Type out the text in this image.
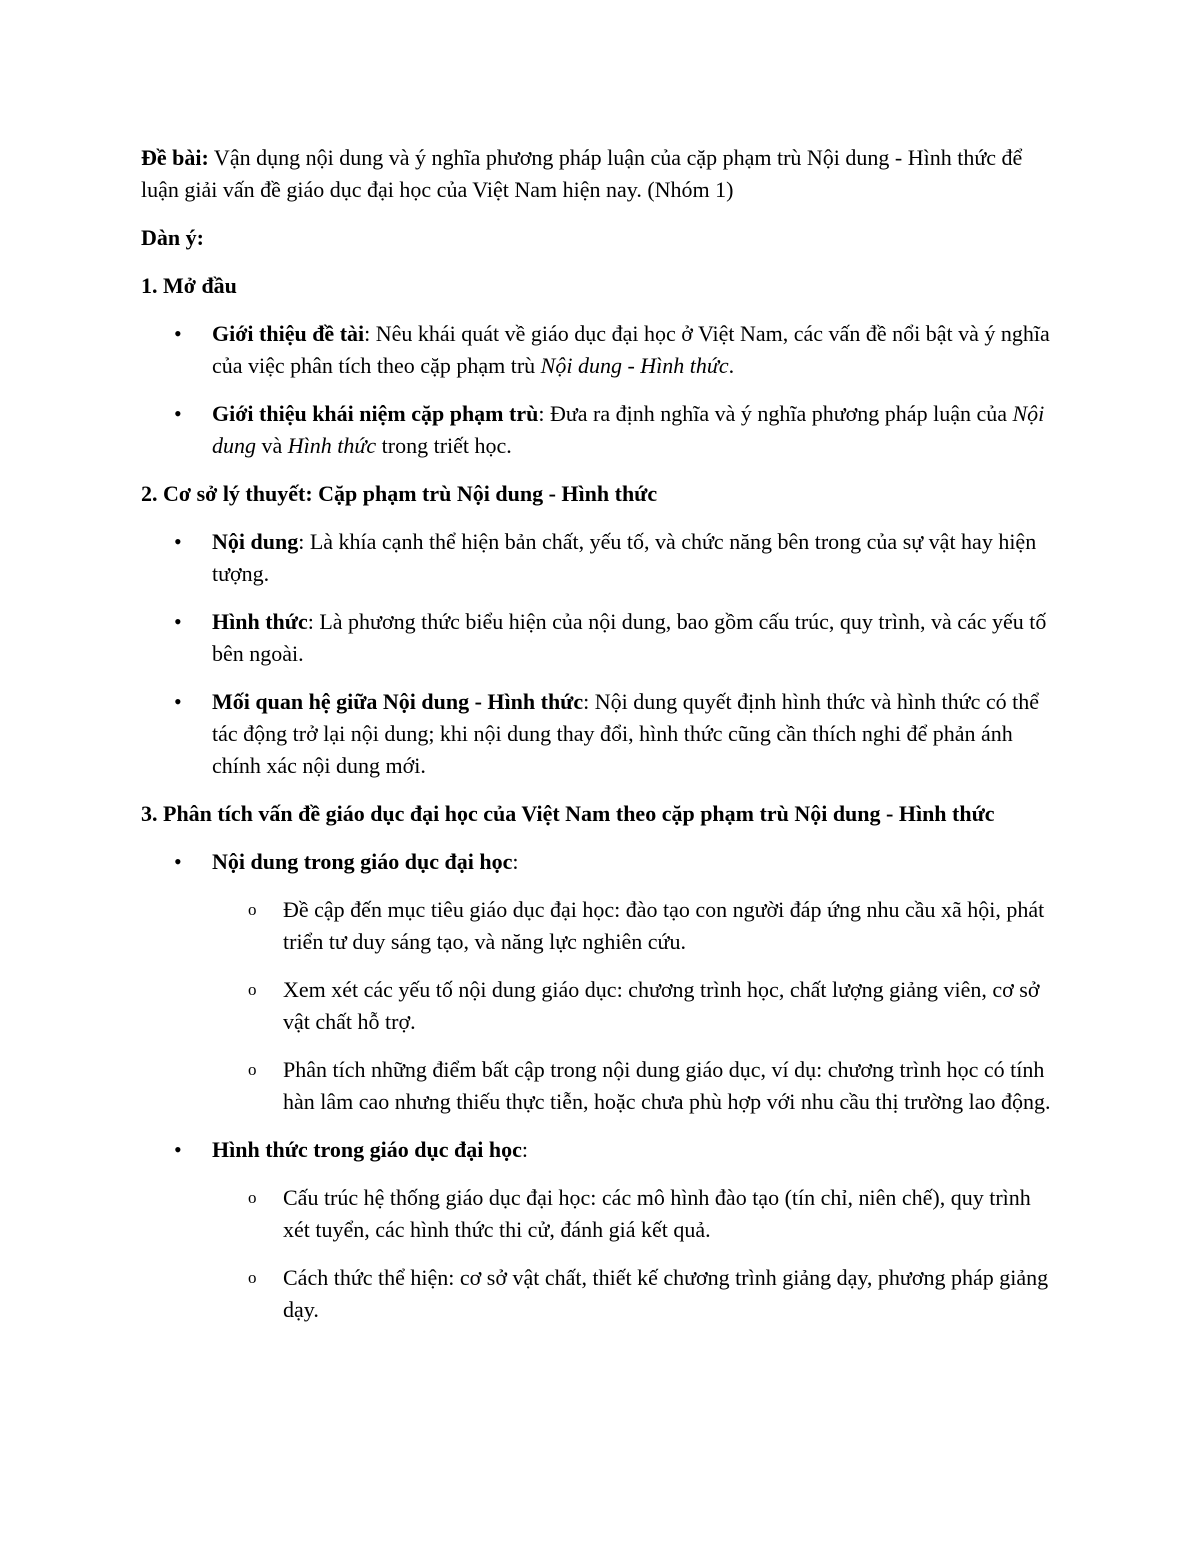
Đề bài: Vận dụng nội dung và ý nghĩa phương pháp luận của cặp phạm trù Nội dung - Hình thức để luận giải vấn đề giáo dục đại học của Việt Nam hiện nay. (Nhóm 1)

Dàn ý:

1. Mở đầu

• Giới thiệu đề tài: Nêu khái quát về giáo dục đại học ở Việt Nam, các vấn đề nổi bật và ý nghĩa của việc phân tích theo cặp phạm trù Nội dung - Hình thức.
• Giới thiệu khái niệm cặp phạm trù: Đưa ra định nghĩa và ý nghĩa phương pháp luận của Nội dung và Hình thức trong triết học.

2. Cơ sở lý thuyết: Cặp phạm trù Nội dung - Hình thức

• Nội dung: Là khía cạnh thể hiện bản chất, yếu tố, và chức năng bên trong của sự vật hay hiện tượng.
• Hình thức: Là phương thức biểu hiện của nội dung, bao gồm cấu trúc, quy trình, và các yếu tố bên ngoài.
• Mối quan hệ giữa Nội dung - Hình thức: Nội dung quyết định hình thức và hình thức có thể tác động trở lại nội dung; khi nội dung thay đổi, hình thức cũng cần thích nghi để phản ánh chính xác nội dung mới.

3. Phân tích vấn đề giáo dục đại học của Việt Nam theo cặp phạm trù Nội dung - Hình thức

• Nội dung trong giáo dục đại học:
o Đề cập đến mục tiêu giáo dục đại học: đào tạo con người đáp ứng nhu cầu xã hội, phát triển tư duy sáng tạo, và năng lực nghiên cứu.
o Xem xét các yếu tố nội dung giáo dục: chương trình học, chất lượng giảng viên, cơ sở vật chất hỗ trợ.
o Phân tích những điểm bất cập trong nội dung giáo dục, ví dụ: chương trình học có tính hàn lâm cao nhưng thiếu thực tiễn, hoặc chưa phù hợp với nhu cầu thị trường lao động.
• Hình thức trong giáo dục đại học:
o Cấu trúc hệ thống giáo dục đại học: các mô hình đào tạo (tín chỉ, niên chế), quy trình xét tuyển, các hình thức thi cử, đánh giá kết quả.
o Cách thức thể hiện: cơ sở vật chất, thiết kế chương trình giảng dạy, phương pháp giảng dạy.
